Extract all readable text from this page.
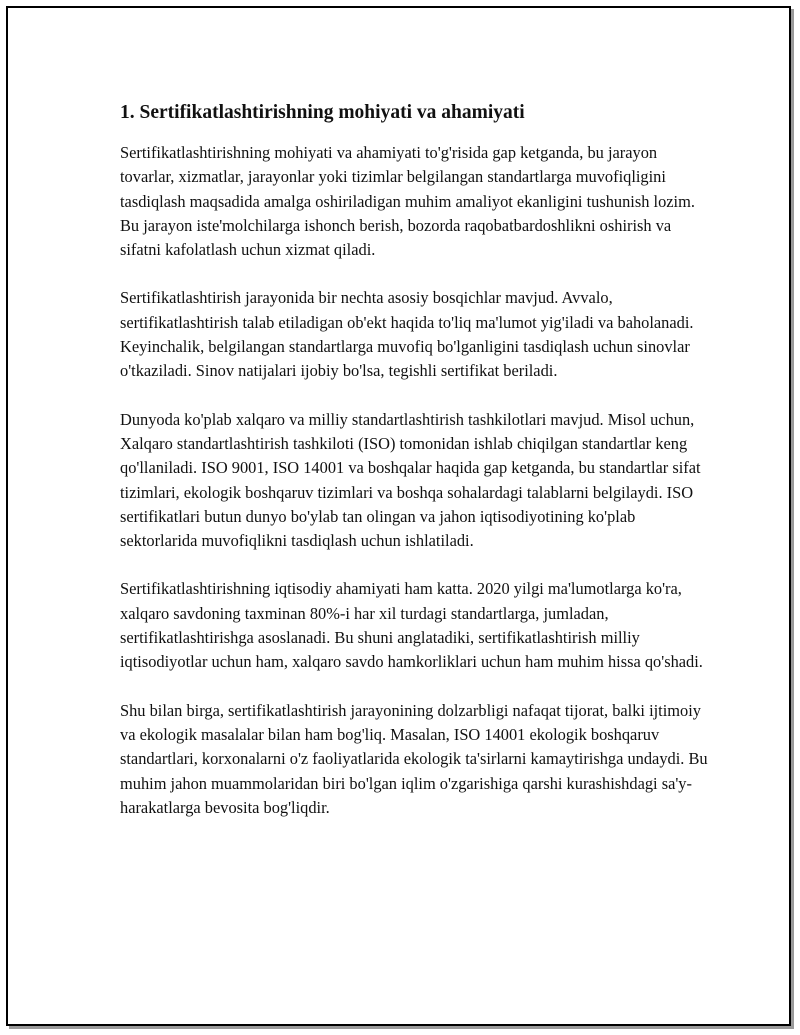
1. Sertifikatlashtirishning mohiyati va ahamiyati

Sertifikatlashtirishning mohiyati va ahamiyati to'g'risida gap ketganda, bu jarayon tovarlar, xizmatlar, jarayonlar yoki tizimlar belgilangan standartlarga muvofiqligini tasdiqlash maqsadida amalga oshiriladigan muhim amaliyot ekanligini tushunish lozim. Bu jarayon iste'molchilarga ishonch berish, bozorda raqobatbardoshlikni oshirish va sifatni kafolatlash uchun xizmat qiladi.

Sertifikatlashtirish jarayonida bir nechta asosiy bosqichlar mavjud. Avvalo, sertifikatlashtirish talab etiladigan ob'ekt haqida to'liq ma'lumot yig'iladi va baholanadi. Keyinchalik, belgilangan standartlarga muvofiq bo'lganligini tasdiqlash uchun sinovlar o'tkaziladi. Sinov natijalari ijobiy bo'lsa, tegishli sertifikat beriladi.

Dunyoda ko'plab xalqaro va milliy standartlashtirish tashkilotlari mavjud. Misol uchun, Xalqaro standartlashtirish tashkiloti (ISO) tomonidan ishlab chiqilgan standartlar keng qo'llaniladi. ISO 9001, ISO 14001 va boshqalar haqida gap ketganda, bu standartlar sifat tizimlari, ekologik boshqaruv tizimlari va boshqa sohalardagi talablarni belgilaydi. ISO sertifikatlari butun dunyo bo'ylab tan olingan va jahon iqtisodiyotining ko'plab sektorlarida muvofiqlikni tasdiqlash uchun ishlatiladi.

Sertifikatlashtirishning iqtisodiy ahamiyati ham katta. 2020 yilgi ma'lumotlarga ko'ra, xalqaro savdoning taxminan 80%-i har xil turdagi standartlarga, jumladan, sertifikatlashtirishga asoslanadi. Bu shuni anglatadiki, sertifikatlashtirish milliy iqtisodiyotlar uchun ham, xalqaro savdo hamkorliklari uchun ham muhim hissa qo'shadi.

Shu bilan birga, sertifikatlashtirish jarayonining dolzarbligi nafaqat tijorat, balki ijtimoiy va ekologik masalalar bilan ham bog'liq. Masalan, ISO 14001 ekologik boshqaruv standartlari, korxonalarni o'z faoliyatlarida ekologik ta'sirlarni kamaytirishga undaydi. Bu muhim jahon muammolaridan biri bo'lgan iqlim o'zgarishiga qarshi kurashishdagi sa'y-harakatlarga bevosita bog'liqdir.
